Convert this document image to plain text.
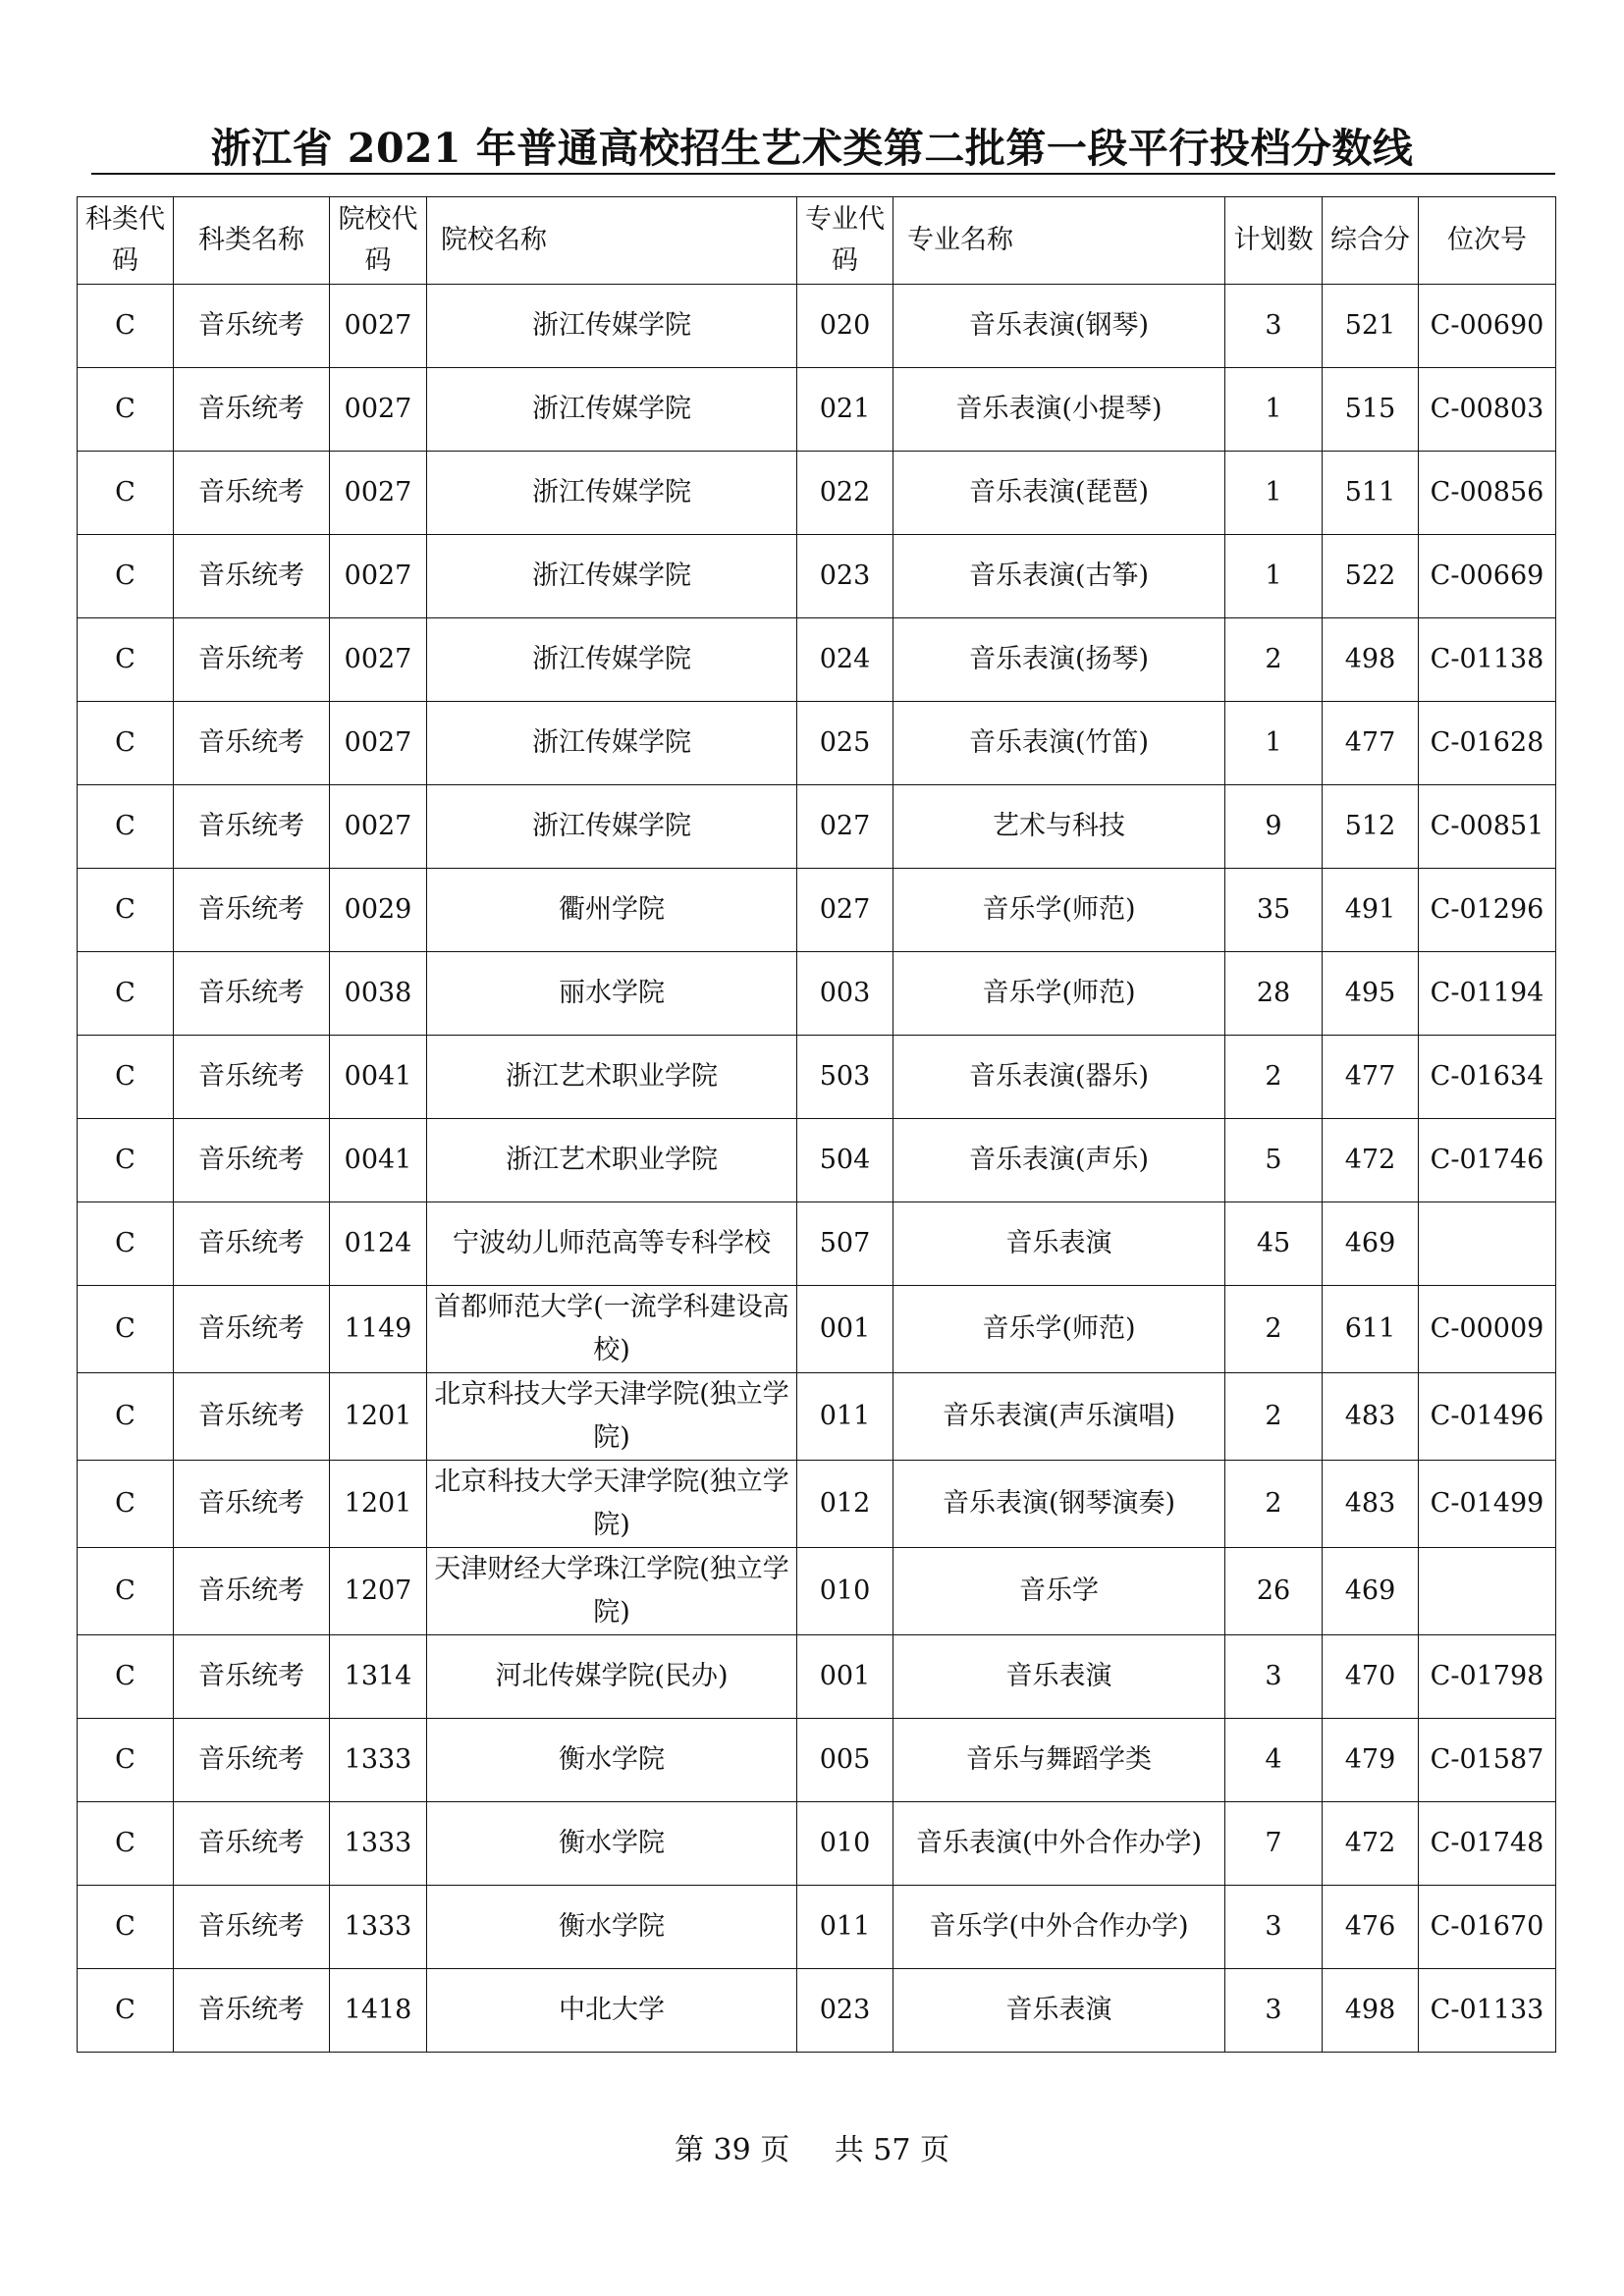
浙江省 2021 年普通高校招生艺术类第二批第一段平行投档分数线
科类代码	科类名称	院校代码	院校名称	专业代码	专业名称	计划数	综合分	位次号
C	音乐统考	0027	浙江传媒学院	020	音乐表演(钢琴)	3	521	C-00690
C	音乐统考	0027	浙江传媒学院	021	音乐表演(小提琴)	1	515	C-00803
C	音乐统考	0027	浙江传媒学院	022	音乐表演(琵琶)	1	511	C-00856
C	音乐统考	0027	浙江传媒学院	023	音乐表演(古筝)	1	522	C-00669
C	音乐统考	0027	浙江传媒学院	024	音乐表演(扬琴)	2	498	C-01138
C	音乐统考	0027	浙江传媒学院	025	音乐表演(竹笛)	1	477	C-01628
C	音乐统考	0027	浙江传媒学院	027	艺术与科技	9	512	C-00851
C	音乐统考	0029	衢州学院	027	音乐学(师范)	35	491	C-01296
C	音乐统考	0038	丽水学院	003	音乐学(师范)	28	495	C-01194
C	音乐统考	0041	浙江艺术职业学院	503	音乐表演(器乐)	2	477	C-01634
C	音乐统考	0041	浙江艺术职业学院	504	音乐表演(声乐)	5	472	C-01746
C	音乐统考	0124	宁波幼儿师范高等专科学校	507	音乐表演	45	469	
C	音乐统考	1149	首都师范大学(一流学科建设高校)	001	音乐学(师范)	2	611	C-00009
C	音乐统考	1201	北京科技大学天津学院(独立学院)	011	音乐表演(声乐演唱)	2	483	C-01496
C	音乐统考	1201	北京科技大学天津学院(独立学院)	012	音乐表演(钢琴演奏)	2	483	C-01499
C	音乐统考	1207	天津财经大学珠江学院(独立学院)	010	音乐学	26	469	
C	音乐统考	1314	河北传媒学院(民办)	001	音乐表演	3	470	C-01798
C	音乐统考	1333	衡水学院	005	音乐与舞蹈学类	4	479	C-01587
C	音乐统考	1333	衡水学院	010	音乐表演(中外合作办学)	7	472	C-01748
C	音乐统考	1333	衡水学院	011	音乐学(中外合作办学)	3	476	C-01670
C	音乐统考	1418	中北大学	023	音乐表演	3	498	C-01133
第 39 页 共 57 页
